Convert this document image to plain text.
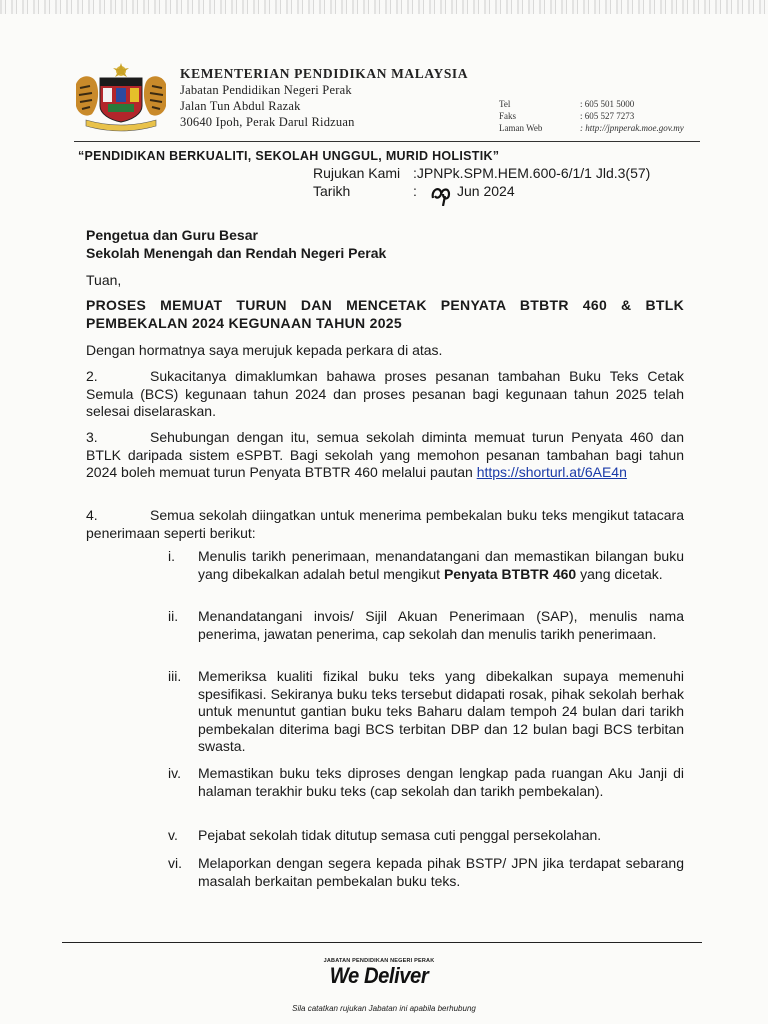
KEMENTERIAN PENDIDIKAN MALAYSIA
Jabatan Pendidikan Negeri Perak
Jalan Tun Abdul Razak
30640 Ipoh, Perak Darul Ridzuan
Tel	: 605 501 5000
Faks	: 605 527 7273
Laman Web	: http://jpnperak.moe.gov.my
“PENDIDIKAN BERKUALITI, SEKOLAH UNGGUL, MURID HOLISTIK”
Rujukan Kami :JPNPk.SPM.HEM.600-6/1/1 Jld.3(57)
Tarikh	:	Jun 2024
Pengetua dan Guru Besar
Sekolah Menengah dan Rendah Negeri Perak
Tuan,
PROSES MEMUAT TURUN DAN MENCETAK PENYATA BTBTR 460 & BTLK PEMBEKALAN 2024 KEGUNAAN TAHUN 2025
Dengan hormatnya saya merujuk kepada perkara di atas.
2.	Sukacitanya dimaklumkan bahawa proses pesanan tambahan Buku Teks Cetak Semula (BCS) kegunaan tahun 2024 dan proses pesanan bagi kegunaan tahun 2025 telah selesai diselaraskan.
3.	Sehubungan dengan itu, semua sekolah diminta memuat turun Penyata 460 dan BTLK daripada sistem eSPBT. Bagi sekolah yang memohon pesanan tambahan bagi tahun 2024 boleh memuat turun Penyata BTBTR 460 melalui pautan https://shorturl.at/6AE4n
4.	Semua sekolah diingatkan untuk menerima pembekalan buku teks mengikut tatacara penerimaan seperti berikut:
i.	Menulis tarikh penerimaan, menandatangani dan memastikan bilangan buku yang dibekalkan adalah betul mengikut Penyata BTBTR 460 yang dicetak.
ii.	Menandatangani invois/ Sijil Akuan Penerimaan (SAP), menulis nama penerima, jawatan penerima, cap sekolah dan menulis tarikh penerimaan.
iii.	Memeriksa kualiti fizikal buku teks yang dibekalkan supaya memenuhi spesifikasi. Sekiranya buku teks tersebut didapati rosak, pihak sekolah berhak untuk menuntut gantian buku teks Baharu dalam tempoh 24 bulan dari tarikh pembekalan diterima bagi BCS terbitan DBP dan 12 bulan bagi BCS terbitan swasta.
iv.	Memastikan buku teks diproses dengan lengkap pada ruangan Aku Janji di halaman terakhir buku teks (cap sekolah dan tarikh pembekalan).
v.	Pejabat sekolah tidak ditutup semasa cuti penggal persekolahan.
vi.	Melaporkan dengan segera kepada pihak BSTP/ JPN jika terdapat sebarang masalah berkaitan pembekalan buku teks.
JABATAN PENDIDIKAN NEGERI PERAK
We Deliver
Sila catatkan rujukan Jabatan ini apabila berhubung
